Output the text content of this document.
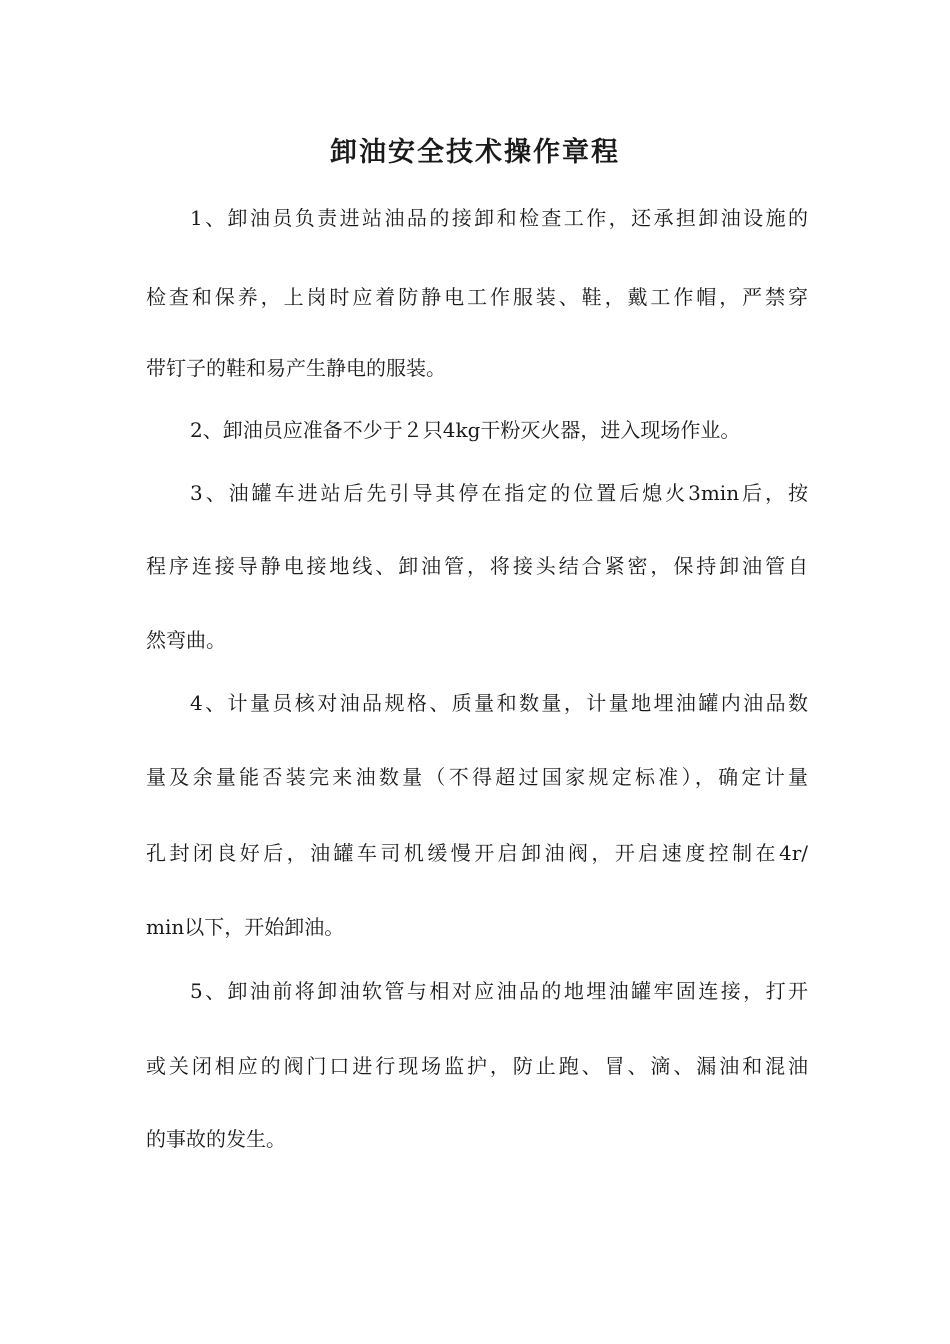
卸油安全技术操作章程
1、卸油员负责进站油品的接卸和检查工作，还承担卸油设施的
检查和保养，上岗时应着防静电工作服装、鞋，戴工作帽，严禁穿
带钉子的鞋和易产生静电的服装。
2、卸油员应准备不少于２只4kg干粉灭火器，进入现场作业。
3、油罐车进站后先引导其停在指定的位置后熄火3min后，按
程序连接导静电接地线、卸油管，将接头结合紧密，保持卸油管自
然弯曲。
4、计量员核对油品规格、质量和数量，计量地埋油罐内油品数
量及余量能否装完来油数量（不得超过国家规定标准），确定计量
孔封闭良好后，油罐车司机缓慢开启卸油阀，开启速度控制在4r/
min以下，开始卸油。
5、卸油前将卸油软管与相对应油品的地埋油罐牢固连接，打开
或关闭相应的阀门口进行现场监护，防止跑、冒、滴、漏油和混油
的事故的发生。
